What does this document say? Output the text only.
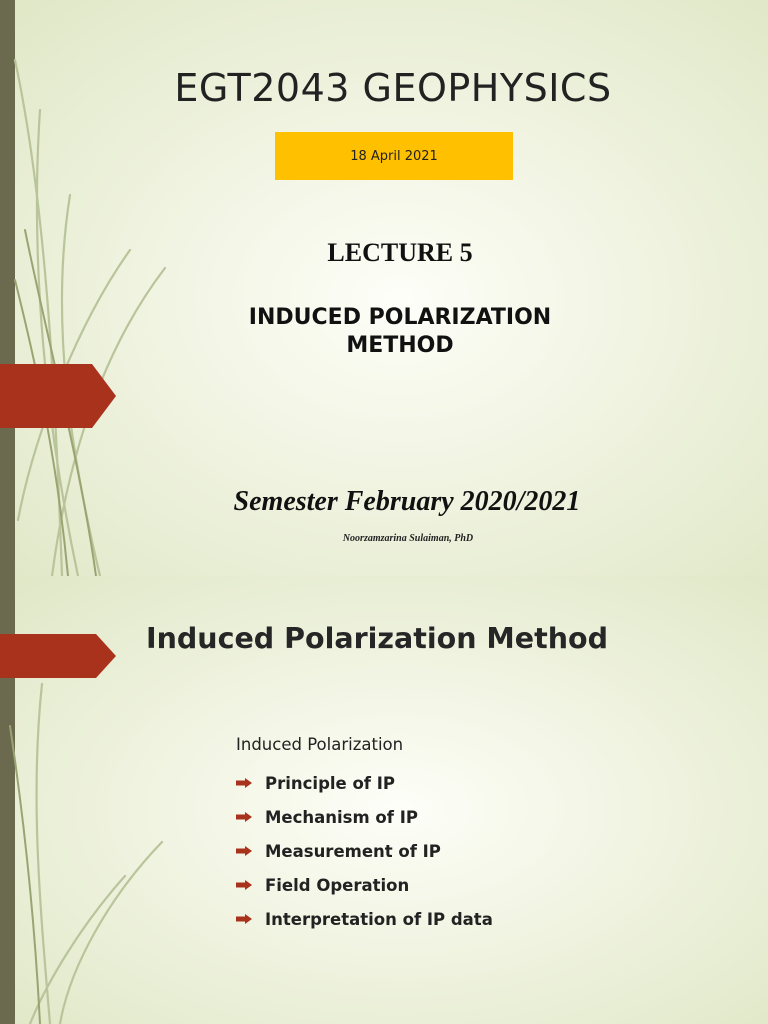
EGT2043 GEOPHYSICS
18 April 2021
LECTURE 5
INDUCED POLARIZATION
METHOD
Semester February 2020/2021
Noorzamzarina Sulaiman, PhD
Induced Polarization Method
Induced Polarization
Principle of IP
Mechanism of IP
Measurement of IP
Field Operation
Interpretation of IP data
